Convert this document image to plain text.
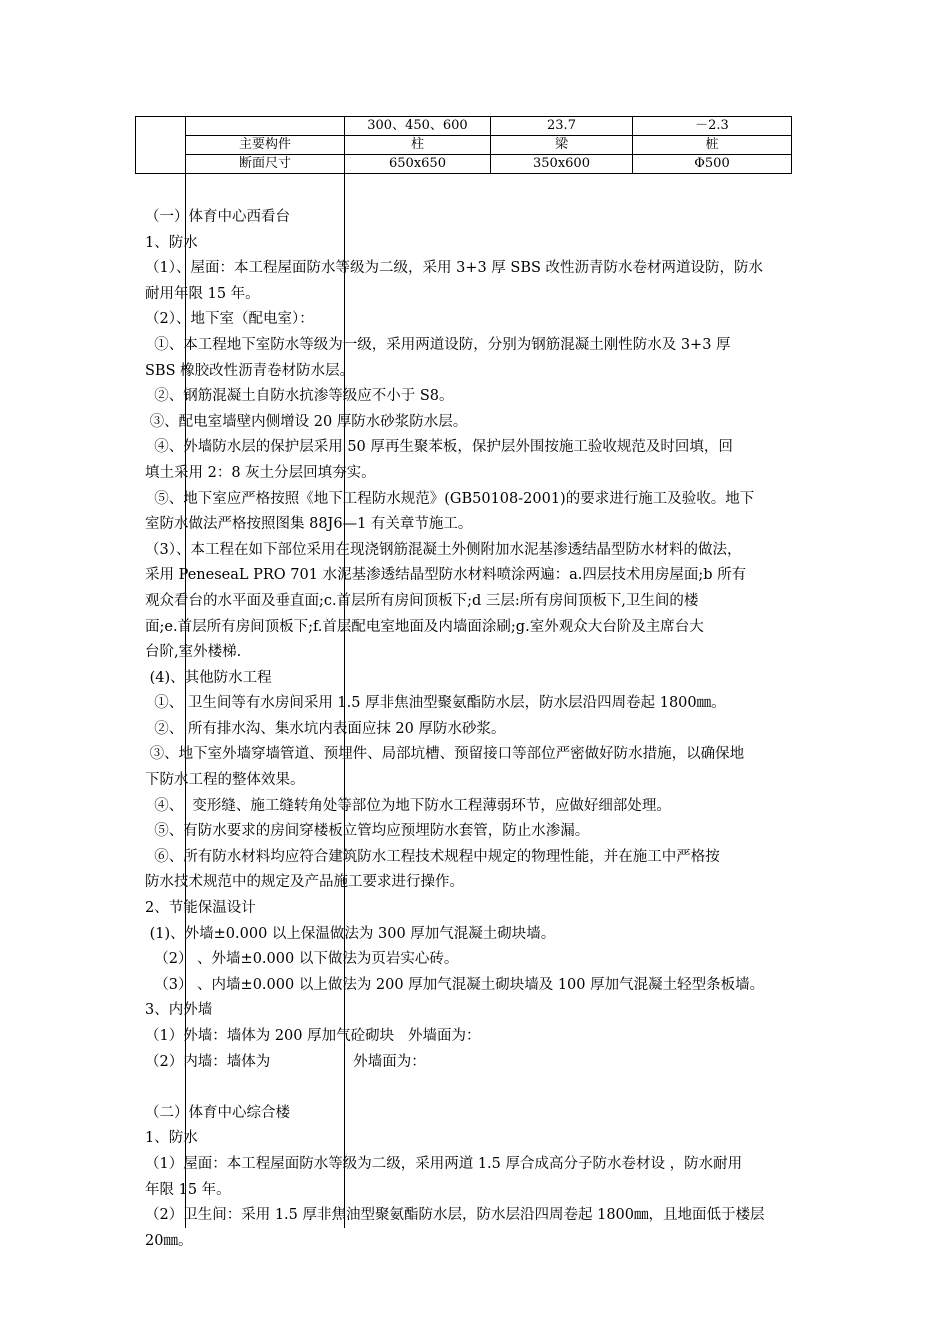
		300、450、600	23.7	－2.3
	主要构件	柱	梁	桩
	断面尺寸	650x650	350x600	Φ500

（一）体育中心西看台

1、防水

（1）、屋面：本工程屋面防水等级为二级，采用 3+3 厚 SBS 改性沥青防水卷材两道设防，防水

耐用年限 15 年。

（2）、地下室（配电室）：

①、本工程地下室防水等级为一级，采用两道设防，分别为钢筋混凝土刚性防水及 3+3 厚

SBS 橡胶改性沥青卷材防水层。

②、钢筋混凝土自防水抗渗等级应不小于 S8。

③、配电室墙壁内侧增设 20 厚防水砂浆防水层。

④、外墙防水层的保护层采用 50 厚再生聚苯板，保护层外围按施工验收规范及时回填，回

填土采用 2：8 灰土分层回填夯实。

⑤、地下室应严格按照《地下工程防水规范》(GB50108-2001)的要求进行施工及验收。地下

室防水做法严格按照图集 88J6—1 有关章节施工。

（3）、本工程在如下部位采用在现浇钢筋混凝土外侧附加水泥基渗透结晶型防水材料的做法，

采用 PeneseaL PRO 701 水泥基渗透结晶型防水材料喷涂两遍：a.四层技术用房屋面;b 所有

观众看台的水平面及垂直面;c.首层所有房间顶板下;d 三层:所有房间顶板下,卫生间的楼

面;e.首层所有房间顶板下;f.首层配电室地面及内墙面涂刷;g.室外观众大台阶及主席台大

台阶,室外楼梯.

(4)、其他防水工程

①、 卫生间等有水房间采用 1.5 厚非焦油型聚氨酯防水层，防水层沿四周卷起 1800㎜。

②、 所有排水沟、集水坑内表面应抹 20 厚防水砂浆。

③、地下室外墙穿墙管道、预埋件、局部坑槽、预留接口等部位严密做好防水措施，以确保地

下防水工程的整体效果。

④、  变形缝、施工缝转角处等部位为地下防水工程薄弱环节，应做好细部处理。

⑤、有防水要求的房间穿楼板立管均应预埋防水套管，防止水渗漏。

⑥、所有防水材料均应符合建筑防水工程技术规程中规定的物理性能，并在施工中严格按

防水技术规范中的规定及产品施工要求进行操作。

2、节能保温设计

(1)、外墙±0.000 以上保温做法为 300 厚加气混凝土砌块墙。

（2） 、外墙±0.000 以下做法为页岩实心砖。

（3） 、内墙±0.000 以上做法为 200 厚加气混凝土砌块墙及 100 厚加气混凝土轻型条板墙。

3、内外墙

（1）外墙：墙体为 200 厚加气砼砌块   外墙面为：

（2）内墙：墙体为                  外墙面为：

（二）体育中心综合楼

1、防水

（1）屋面：本工程屋面防水等级为二级，采用两道 1.5 厚合成高分子防水卷材设 ，防水耐用

年限 15 年。

（2）卫生间：采用 1.5 厚非焦油型聚氨酯防水层，防水层沿四周卷起 1800㎜，且地面低于楼层

20㎜。
